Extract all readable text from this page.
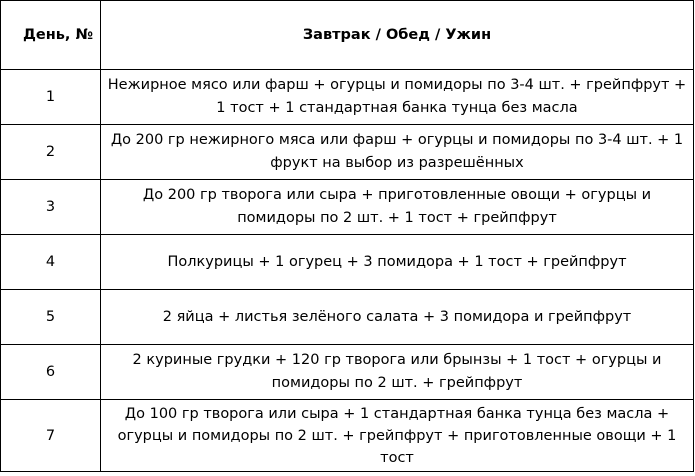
День, №	Завтрак / Обед / Ужин
1	Нежирное мясо или фарш + огурцы и помидоры по 3-4 шт. + грейпфрут + 1 тост + 1 стандартная банка тунца без масла
2	До 200 гр нежирного мяса или фарш + огурцы и помидоры по 3-4 шт. + 1 фрукт на выбор из разрешённых
3	До 200 гр творога или сыра + приготовленные овощи + огурцы и помидоры по 2 шт. + 1 тост + грейпфрут
4	Полкурицы + 1 огурец + 3 помидора + 1 тост + грейпфрут
5	2 яйца + листья зелёного салата + 3 помидора и грейпфрут
6	2 куриные грудки + 120 гр творога или брынзы + 1 тост + огурцы и помидоры по 2 шт. + грейпфрут
7	До 100 гр творога или сыра + 1 стандартная банка тунца без масла + огурцы и помидоры по 2 шт. + грейпфрут + приготовленные овощи + 1 тост
